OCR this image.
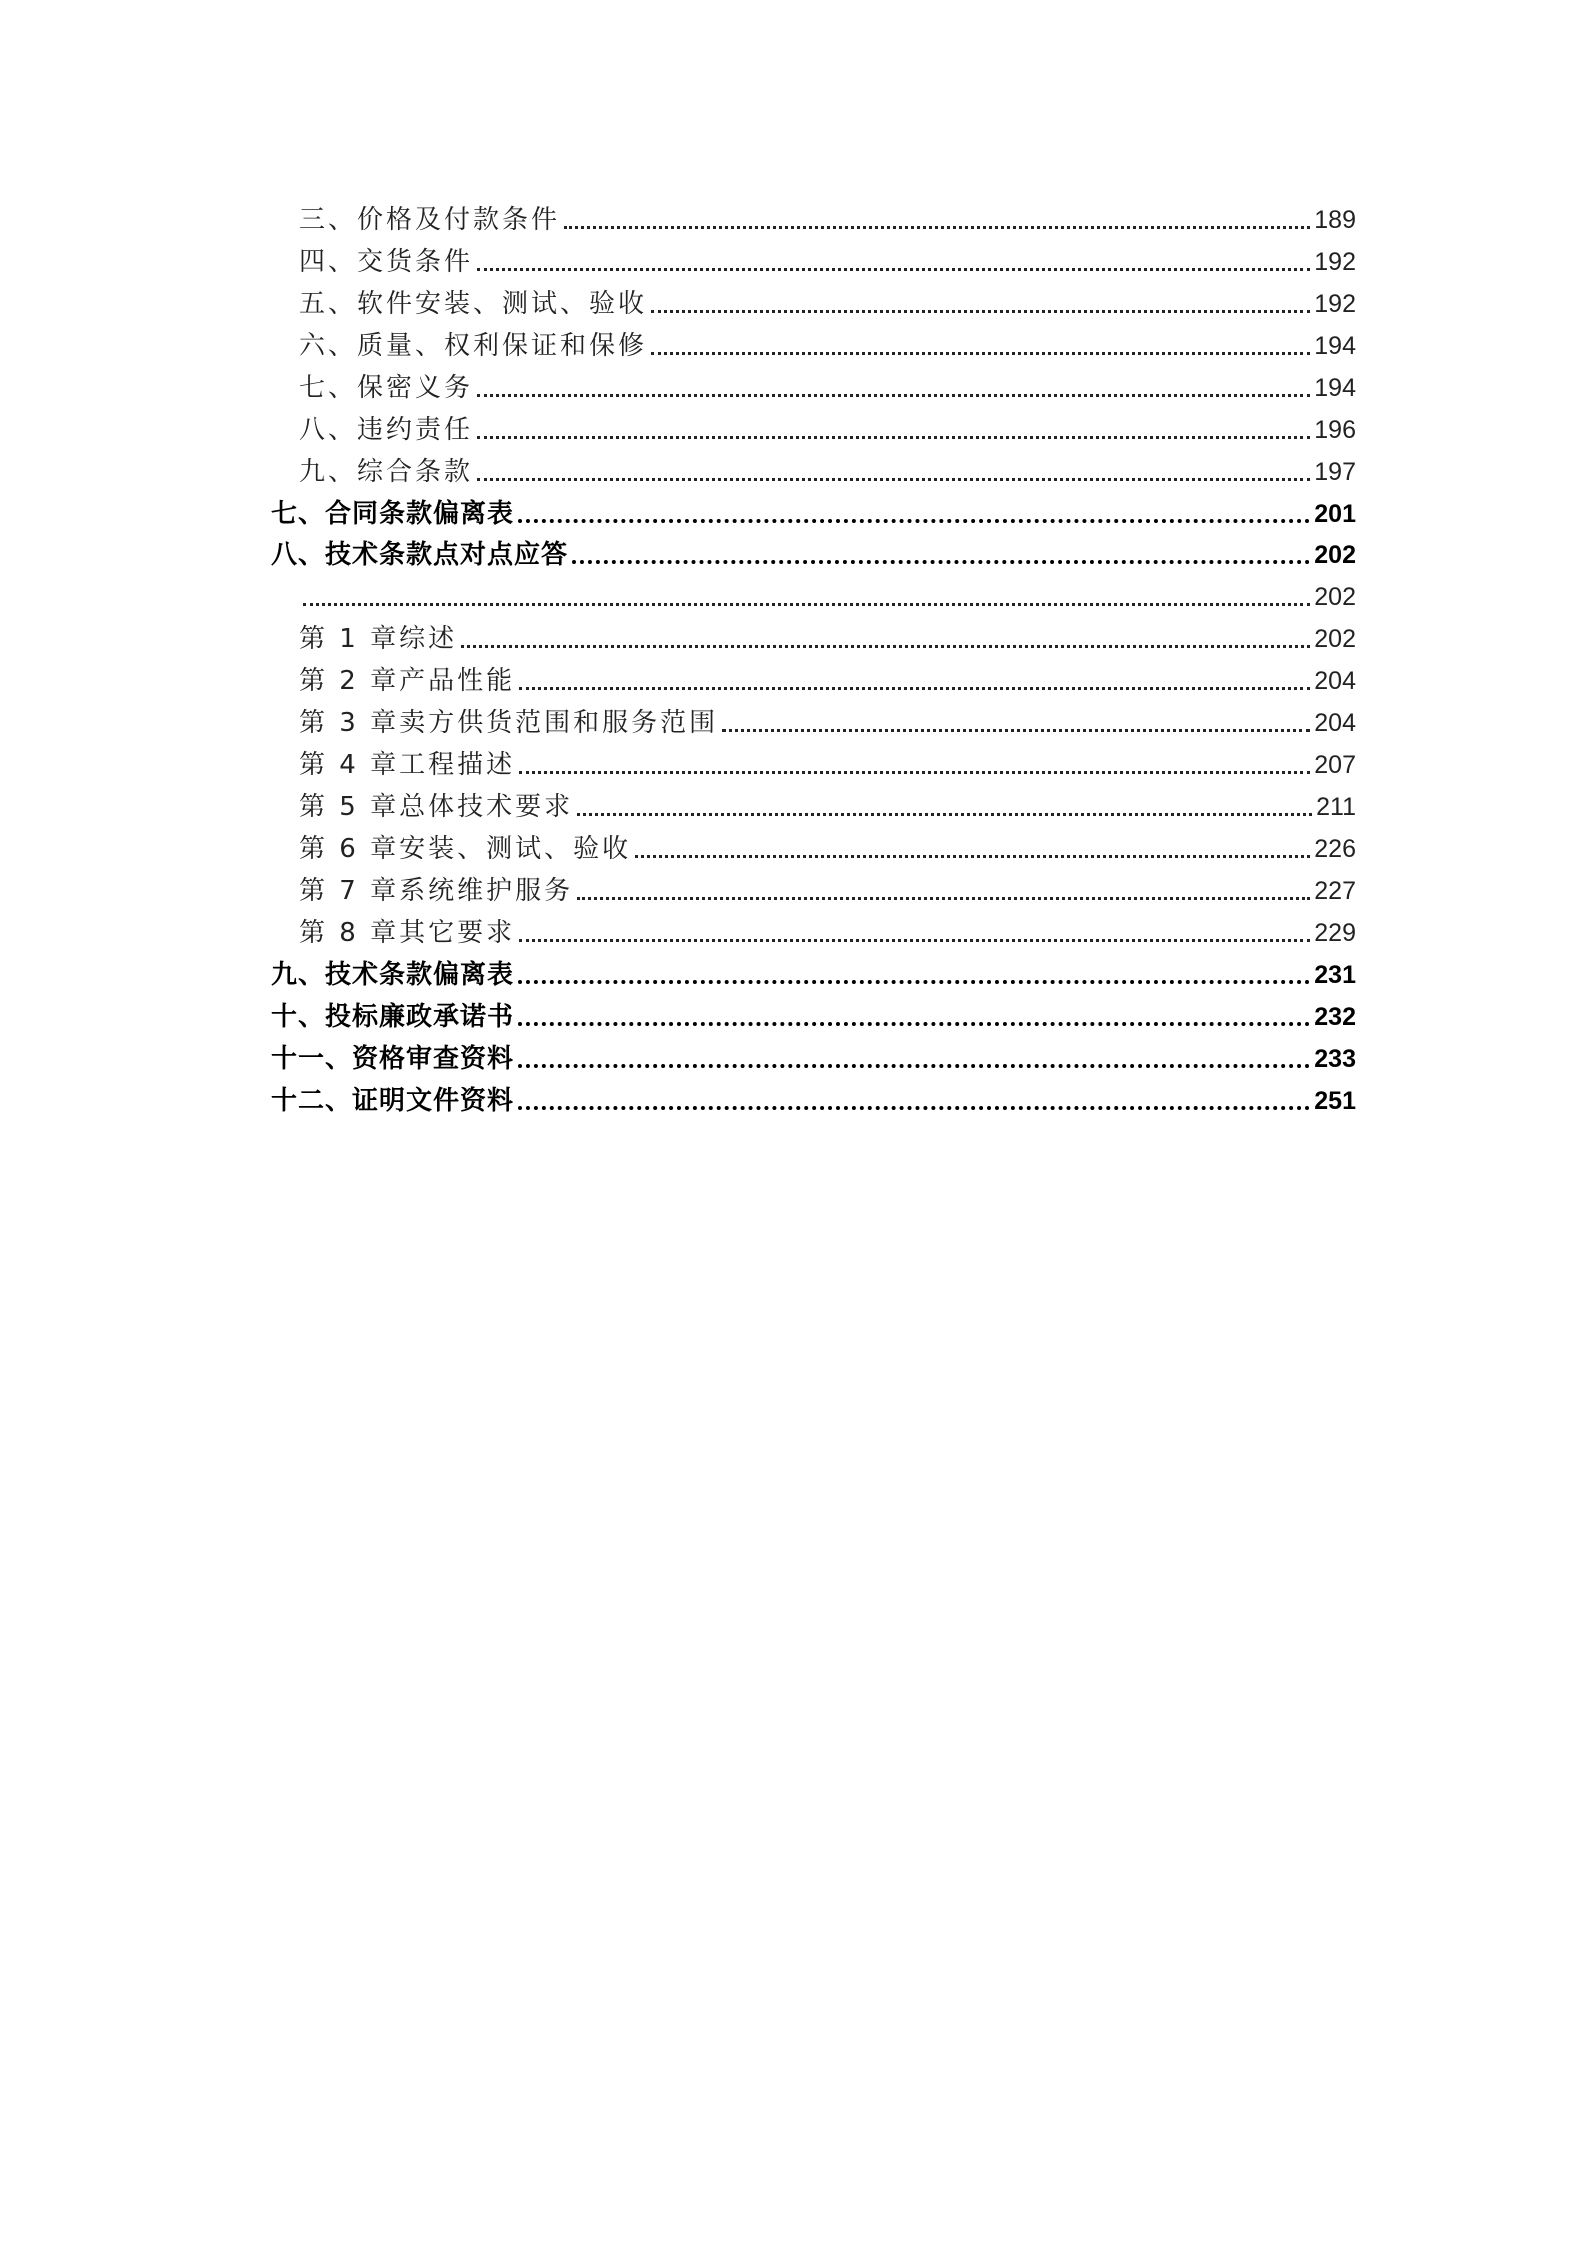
三、价格及付款条件	189
四、交货条件	192
五、软件安装、测试、验收	192
六、质量、权利保证和保修	194
七、保密义务	194
八、违约责任	196
九、综合条款	197
七、合同条款偏离表	201
八、技术条款点对点应答	202
202
第 1 章综述	202
第 2 章产品性能	204
第 3 章卖方供货范围和服务范围	204
第 4 章工程描述	207
第 5 章总体技术要求	211
第 6 章安装、测试、验收	226
第 7 章系统维护服务	227
第 8 章其它要求	229
九、技术条款偏离表	231
十、投标廉政承诺书	232
十一、资格审查资料	233
十二、证明文件资料	251
